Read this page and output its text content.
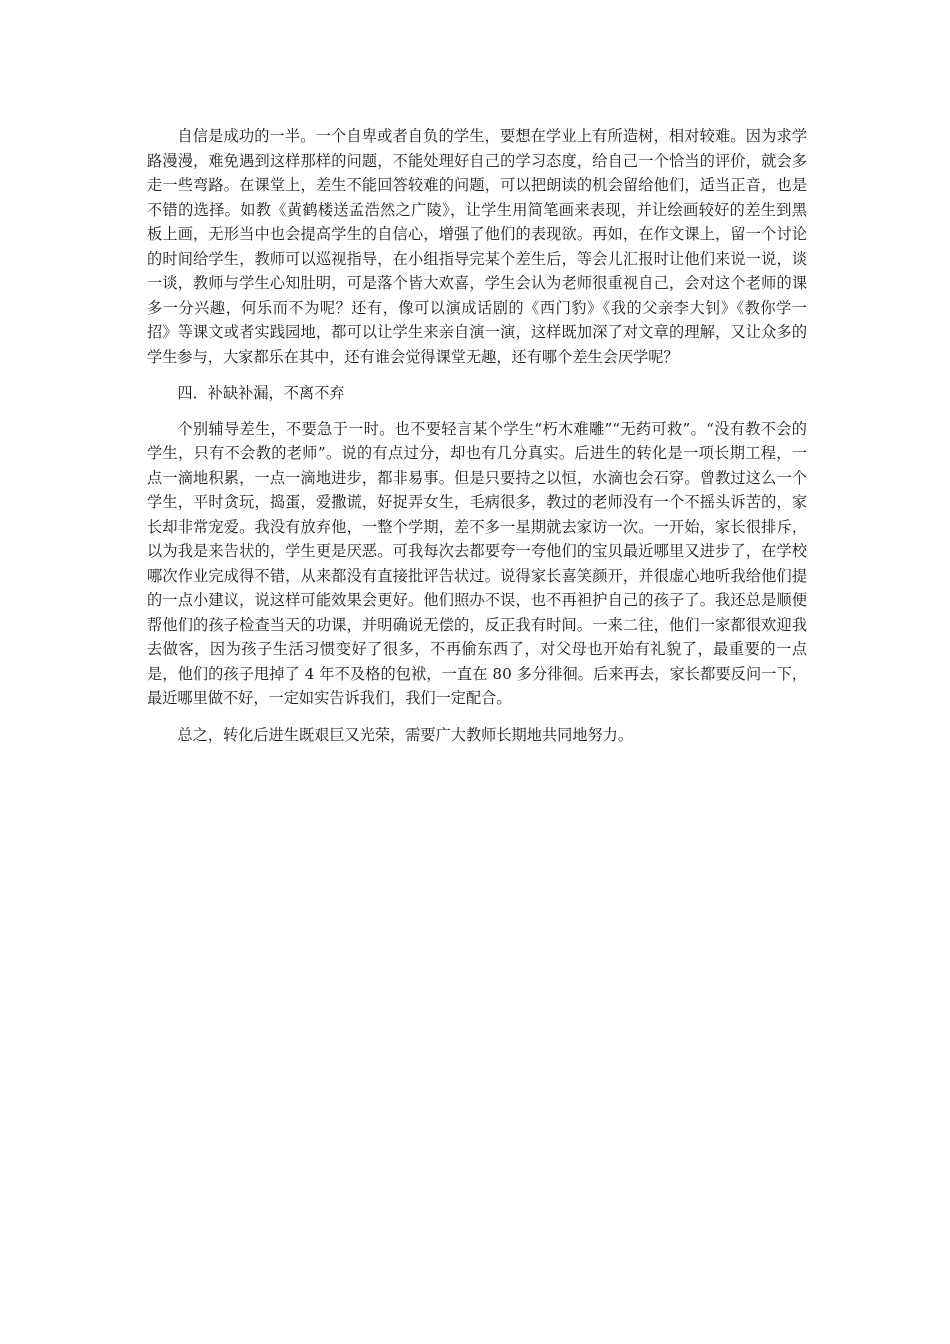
自信是成功的一半。一个自卑或者自负的学生，要想在学业上有所造树，相对较难。因为求学路漫漫，难免遇到这样那样的问题，不能处理好自己的学习态度，给自己一个恰当的评价，就会多走一些弯路。在课堂上，差生不能回答较难的问题，可以把朗读的机会留给他们，适当正音，也是不错的选择。如教《黄鹤楼送孟浩然之广陵》，让学生用简笔画来表现，并让绘画较好的差生到黑板上画，无形当中也会提高学生的自信心，增强了他们的表现欲。再如，在作文课上，留一个讨论的时间给学生，教师可以巡视指导，在小组指导完某个差生后，等会儿汇报时让他们来说一说，谈一谈，教师与学生心知肚明，可是落个皆大欢喜，学生会认为老师很重视自己，会对这个老师的课多一分兴趣，何乐而不为呢？还有，像可以演成话剧的《西门豹》《我的父亲李大钊》《教你学一招》等课文或者实践园地，都可以让学生来亲自演一演，这样既加深了对文章的理解，又让众多的学生参与，大家都乐在其中，还有谁会觉得课堂无趣，还有哪个差生会厌学呢？

四．补缺补漏，不离不弃

个别辅导差生，不要急于一时。也不要轻言某个学生“朽木难雕”“无药可救”。“没有教不会的学生，只有不会教的老师”。说的有点过分，却也有几分真实。后进生的转化是一项长期工程，一点一滴地积累，一点一滴地进步，都非易事。但是只要持之以恒，水滴也会石穿。曾教过这么一个学生，平时贪玩，捣蛋，爱撒谎，好捉弄女生，毛病很多，教过的老师没有一个不摇头诉苦的，家长却非常宠爱。我没有放弃他，一整个学期，差不多一星期就去家访一次。一开始，家长很排斥，以为我是来告状的，学生更是厌恶。可我每次去都要夸一夸他们的宝贝最近哪里又进步了，在学校哪次作业完成得不错，从来都没有直接批评告状过。说得家长喜笑颜开，并很虚心地听我给他们提的一点小建议，说这样可能效果会更好。他们照办不误，也不再袒护自己的孩子了。我还总是顺便帮他们的孩子检查当天的功课，并明确说无偿的，反正我有时间。一来二往，他们一家都很欢迎我去做客，因为孩子生活习惯变好了很多，不再偷东西了，对父母也开始有礼貌了，最重要的一点是，他们的孩子甩掉了 4 年不及格的包袱，一直在 80 多分徘徊。后来再去，家长都要反问一下，最近哪里做不好，一定如实告诉我们，我们一定配合。

总之，转化后进生既艰巨又光荣，需要广大教师长期地共同地努力。
